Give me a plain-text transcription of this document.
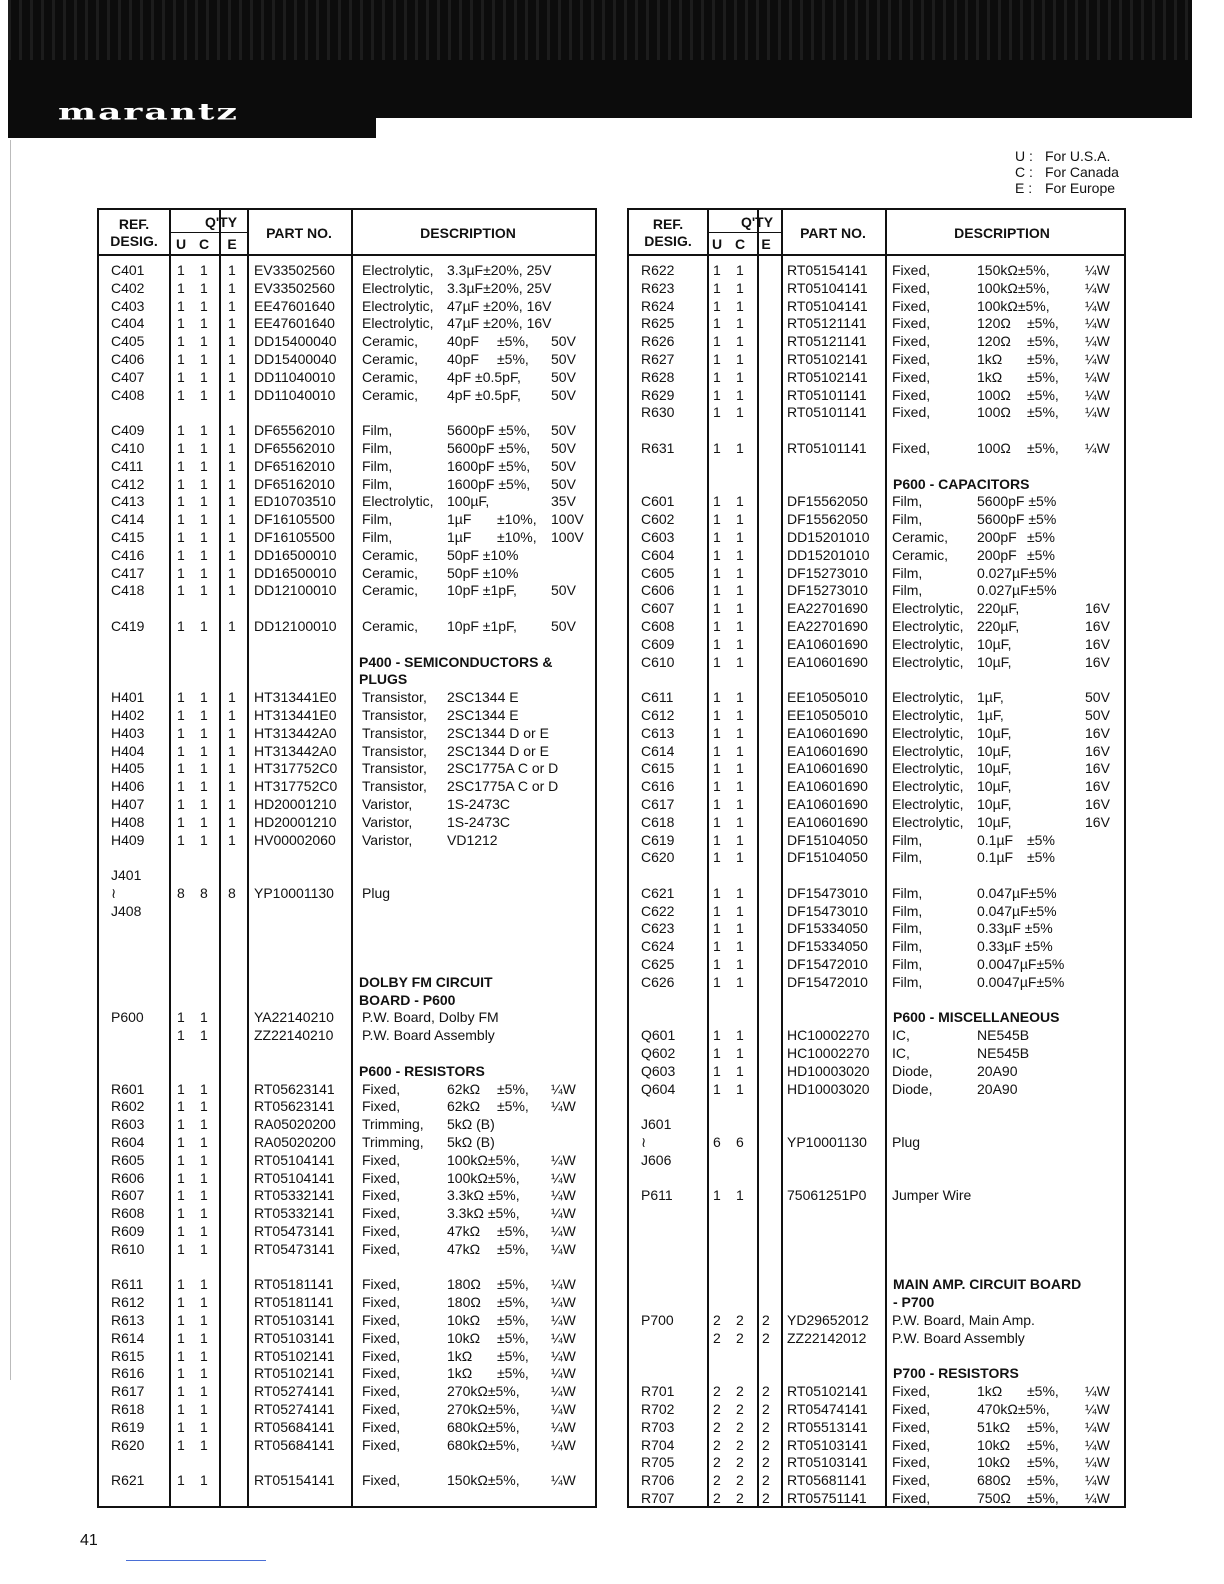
marantz
U : For U.S.A.
C : For Canada
E : For Europe
REF.
DESIG.
Q'TY
U C E
PART NO.	DESCRIPTION
C401 1 1 1 EV33502560 Electrolytic, 3.3µF±20%, 25V
C402 1 1 1 EV33502560 Electrolytic, 3.3µF±20%, 25V
C403 1 1 1 EE47601640 Electrolytic, 47µF ±20%, 16V
C404 1 1 1 EE47601640 Electrolytic, 47µF ±20%, 16V
C405 1 1 1 DD15400040 Ceramic, 40pF ±5%, 50V
C406 1 1 1 DD15400040 Ceramic, 40pF ±5%, 50V
C407 1 1 1 DD11040010 Ceramic, 4pF ±0.5pF, 50V
C408 1 1 1 DD11040010 Ceramic, 4pF ±0.5pF, 50V
C409 1 1 1 DF65562010 Film,	5600pF ±5%, 50V
C410 1 1 1 DF65562010 Film,	5600pF ±5%, 50V
C411 1 1 1 DF65162010 Film,	1600pF ±5%, 50V
C412 1 1 1 DF65162010 Film,	1600pF ±5%, 50V
C413 1 1 1 ED10703510 Electrolytic, 100µF,	35V
C414 1 1 1 DF16105500 Film,	1µF ±10%, 100V
C415 1 1 1 DF16105500 Film,	1µF ±10%, 100V
C416 1 1 1 DD16500010 Ceramic, 50pF ±10%
C417 1 1 1 DD16500010 Ceramic, 50pF ±10%
C418 1 1 1 DD12100010 Ceramic, 10pF ±1pF, 50V
C419 1 1 1 DD12100010 Ceramic, 10pF ±1pF, 50V
P400 - SEMICONDUCTORS &
PLUGS
H401 1 1 1 HT313441E0 Transistor, 2SC1344 E
H402 1 1 1 HT313441E0 Transistor, 2SC1344 E
H403 1 1 1 HT313442A0 Transistor, 2SC1344 D or E
H404 1 1 1 HT313442A0 Transistor, 2SC1344 D or E
H405 1 1 1 HT317752C0 Transistor, 2SC1775A C or D
H406 1 1 1 HT317752C0 Transistor, 2SC1775A C or D
H407 1 1 1 HD20001210 Varistor, 1S-2473C
H408 1 1 1 HD20001210 Varistor, 1S-2473C
H409 1 1 1 HV00002060 Varistor, VD1212
J401
≀	8 8 8 YP10001130 Plug
J408
DOLBY FM CIRCUIT
BOARD - P600
P600 1 1	YA22140210 P.W. Board, Dolby FM
1 1	ZZ22140210 P.W. Board Assembly
P600 - RESISTORS
R601 1 1	RT05623141 Fixed,	62kΩ ±5%, ¼W
R602 1 1	RT05623141 Fixed,	62kΩ ±5%, ¼W
R603 1 1	RA05020200 Trimming, 5kΩ (B)
R604 1 1	RA05020200 Trimming, 5kΩ (B)
R605 1 1	RT05104141 Fixed,	100kΩ±5%, ¼W
R606 1 1	RT05104141 Fixed,	100kΩ±5%, ¼W
R607 1 1	RT05332141 Fixed,	3.3kΩ ±5%, ¼W
R608 1 1	RT05332141 Fixed,	3.3kΩ ±5%, ¼W
R609 1 1	RT05473141 Fixed,	47kΩ ±5%, ¼W
R610 1 1	RT05473141 Fixed,	47kΩ ±5%, ¼W
R611 1 1	RT05181141 Fixed,	180Ω ±5%, ¼W
R612 1 1	RT05181141 Fixed,	180Ω ±5%, ¼W
R613 1 1	RT05103141 Fixed,	10kΩ ±5%, ¼W
R614 1 1	RT05103141 Fixed,	10kΩ ±5%, ¼W
R615 1 1	RT05102141 Fixed,	1kΩ ±5%, ¼W
R616 1 1	RT05102141 Fixed,	1kΩ ±5%, ¼W
R617 1 1	RT05274141 Fixed,	270kΩ±5%, ¼W
R618 1 1	RT05274141 Fixed,	270kΩ±5%, ¼W
R619 1 1	RT05684141 Fixed,	680kΩ±5%, ¼W
R620 1 1	RT05684141 Fixed,	680kΩ±5%, ¼W
R621 1 1	RT05154141 Fixed,	150kΩ±5%, ¼W
REF.
DESIG.
Q'TY
U C E
PART NO.	DESCRIPTION
R622	1 1	RT05154141 Fixed,	150kΩ±5%,	¼W
R623	1 1	RT05104141 Fixed,	100kΩ±5%,	¼W
R624	1 1	RT05104141 Fixed,	100kΩ±5%,	¼W
R625	1 1	RT05121141 Fixed,	120Ω ±5%, ¼W
R626	1 1	RT05121141 Fixed,	120Ω ±5%, ¼W
R627	1 1	RT05102141 Fixed,	1kΩ ±5%, ¼W
R628	1 1	RT05102141 Fixed,	1kΩ ±5%, ¼W
R629	1 1	RT05101141 Fixed,	100Ω ±5%, ¼W
R630	1 1	RT05101141 Fixed,	100Ω ±5%, ¼W
R631	1 1	RT05101141 Fixed,	100Ω ±5%, ¼W
P600 - CAPACITORS
C601	1 1	DF15562050 Film,	5600pF ±5%
C602	1 1	DF15562050 Film,	5600pF ±5%
C603	1 1	DD15201010 Ceramic, 200pF ±5%
C604	1 1	DD15201010 Ceramic, 200pF ±5%
C605	1 1	DF15273010 Film,	0.027µF±5%
C606	1 1	DF15273010 Film,	0.027µF±5%
C607	1 1	EA22701690 Electrolytic, 220µF,	16V
C608	1 1	EA22701690 Electrolytic, 220µF,	16V
C609	1 1	EA10601690 Electrolytic, 10µF,	16V
C610	1 1	EA10601690 Electrolytic, 10µF,	16V
C611	1 1	EE10505010 Electrolytic, 1µF,	50V
C612	1 1	EE10505010 Electrolytic, 1µF,	50V
C613	1 1	EA10601690 Electrolytic, 10µF,	16V
C614	1 1	EA10601690 Electrolytic, 10µF,	16V
C615	1 1	EA10601690 Electrolytic, 10µF,	16V
C616	1 1	EA10601690 Electrolytic, 10µF,	16V
C617	1 1	EA10601690 Electrolytic, 10µF,	16V
C618	1 1	EA10601690 Electrolytic, 10µF,	16V
C619	1 1	DF15104050 Film,	0.1µF ±5%
C620	1 1	DF15104050 Film,	0.1µF ±5%
C621	1 1	DF15473010 Film,	0.047µF±5%
C622	1 1	DF15473010 Film,	0.047µF±5%
C623	1 1	DF15334050 Film,	0.33µF ±5%
C624	1 1	DF15334050 Film,	0.33µF ±5%
C625	1 1	DF15472010 Film,	0.0047µF±5%
C626	1 1	DF15472010 Film,	0.0047µF±5%
P600 - MISCELLANEOUS
Q601	1 1	HC10002270 IC,	NE545B
Q602	1 1	HC10002270 IC,	NE545B
Q603	1 1	HD10003020 Diode,	20A90
Q604	1 1	HD10003020 Diode,	20A90
J601
≀	6 6	YP10001130 Plug
J606
P611	1 1	75061251P0 Jumper Wire
MAIN AMP. CIRCUIT BOARD
- P700
P700	2 2 2 YD29652012 P.W. Board, Main Amp.
2 2 2 ZZ22142012 P.W. Board Assembly
P700 - RESISTORS
R701	2 2 2 RT05102141 Fixed,	1kΩ ±5%, ¼W
R702	2 2 2 RT05474141 Fixed,	470kΩ±5%,	¼W
R703	2 2 2 RT05513141 Fixed,	51kΩ ±5%, ¼W
R704	2 2 2 RT05103141 Fixed,	10kΩ ±5%, ¼W
R705	2 2 2 RT05103141 Fixed,	10kΩ ±5%, ¼W
R706	2 2 2 RT05681141 Fixed,	680Ω ±5%, ¼W
R707	2 2 2 RT05751141 Fixed,	750Ω ±5%, ¼W
41
